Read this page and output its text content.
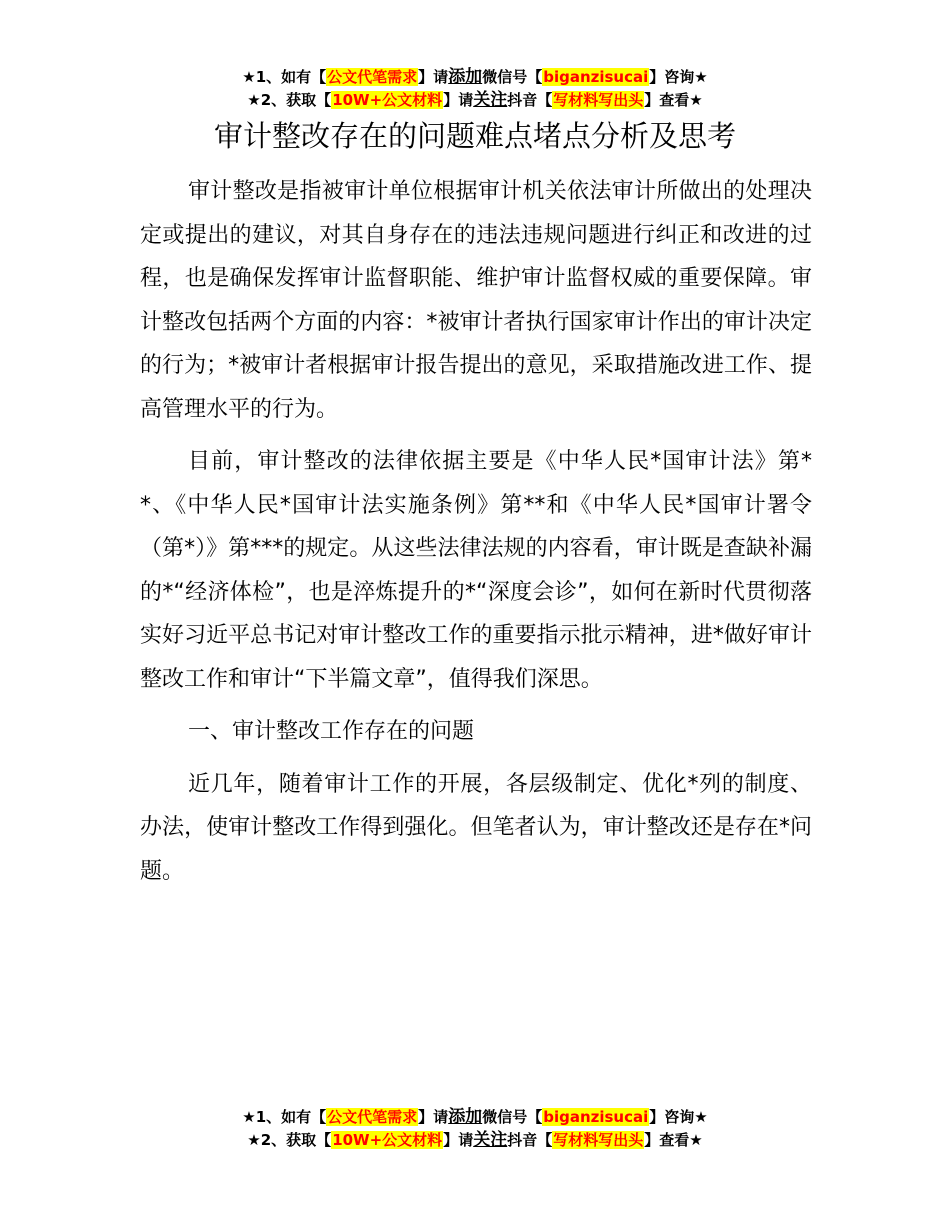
★1、如有【公文代笔需求】请添加微信号【biganzisucai】咨询★
★2、获取【10W+公文材料】请关注抖音【写材料写出头】查看★
审计整改存在的问题难点堵点分析及思考

审计整改是指被审计单位根据审计机关依法审计所做出的处理决定或提出的建议，对其自身存在的违法违规问题进行纠正和改进的过程，也是确保发挥审计监督职能、维护审计监督权威的重要保障。审计整改包括两个方面的内容：*被审计者执行国家审计作出的审计决定的行为；*被审计者根据审计报告提出的意见，采取措施改进工作、提高管理水平的行为。

目前，审计整改的法律依据主要是《中华人民*国审计法》第**、《中华人民*国审计法实施条例》第**和《中华人民*国审计署令（第*）》第***的规定。从这些法律法规的内容看，审计既是查缺补漏的*“经济体检”，也是淬炼提升的*“深度会诊”，如何在新时代贯彻落实好习近平总书记对审计整改工作的重要指示批示精神，进*做好审计整改工作和审计“下半篇文章”，值得我们深思。

一、审计整改工作存在的问题

近几年，随着审计工作的开展，各层级制定、优化*列的制度、办法，使审计整改工作得到强化。但笔者认为，审计整改还是存在*问题。

★1、如有【公文代笔需求】请添加微信号【biganzisucai】咨询★
★2、获取【10W+公文材料】请关注抖音【写材料写出头】查看★
